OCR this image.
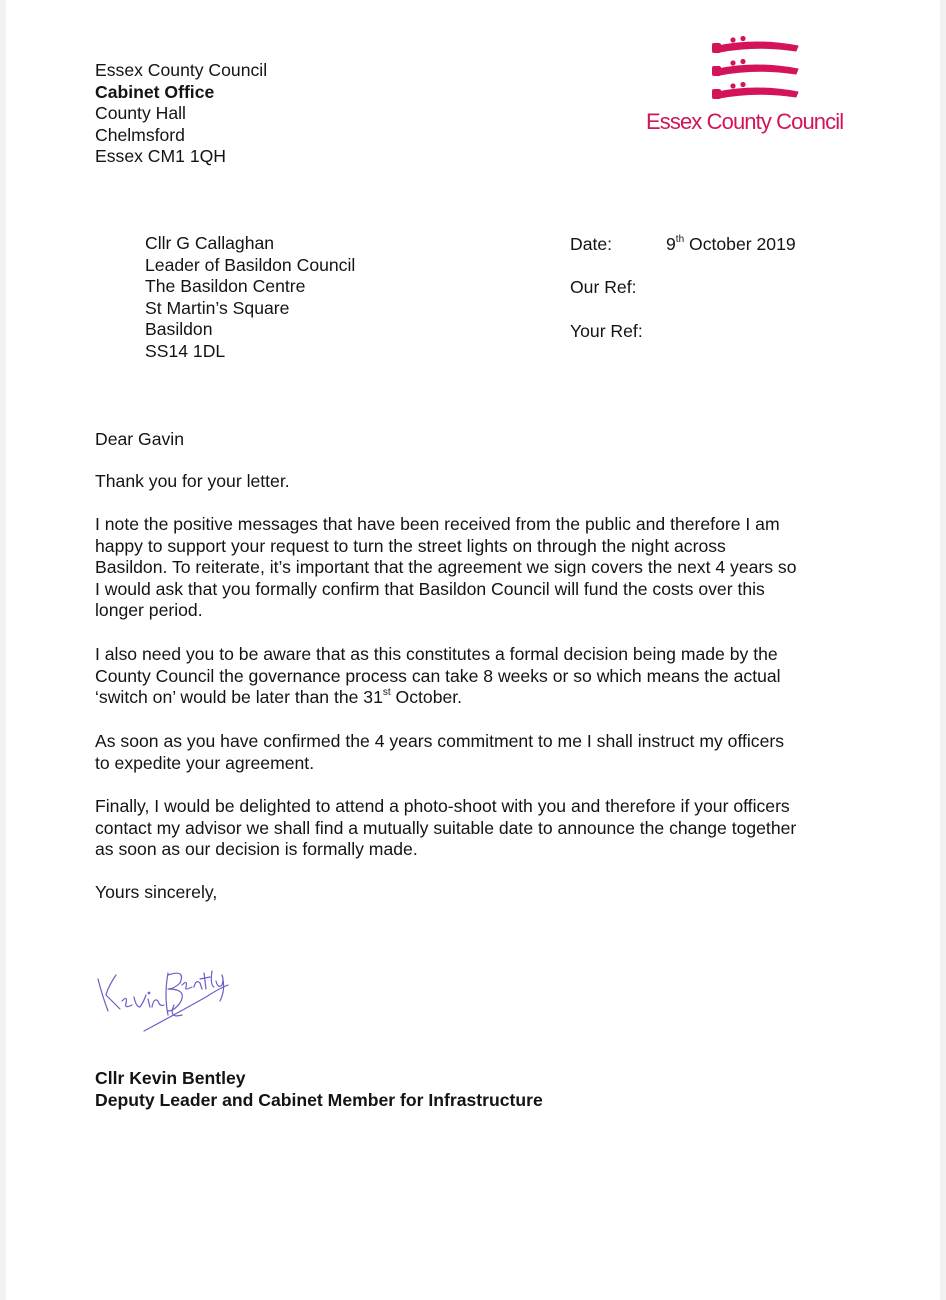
Essex County Council
Cabinet Office
County Hall
Chelmsford
Essex CM1 1QH
Essex County Council
Cllr G Callaghan
Leader of Basildon Council
The Basildon Centre
St Martin’s Square
Basildon
SS14 1DL
Date:	9th October 2019
Our Ref:
Your Ref:
Dear Gavin
Thank you for your letter.
I note the positive messages that have been received from the public and therefore I am
happy to support your request to turn the street lights on through the night across
Basildon. To reiterate, it’s important that the agreement we sign covers the next 4 years so
I would ask that you formally confirm that Basildon Council will fund the costs over this
longer period.
I also need you to be aware that as this constitutes a formal decision being made by the
County Council the governance process can take 8 weeks or so which means the actual
‘switch on’ would be later than the 31st October.
As soon as you have confirmed the 4 years commitment to me I shall instruct my officers
to expedite your agreement.
Finally, I would be delighted to attend a photo-shoot with you and therefore if your officers
contact my advisor we shall find a mutually suitable date to announce the change together
as soon as our decision is formally made.
Yours sincerely,
Cllr Kevin Bentley
Deputy Leader and Cabinet Member for Infrastructure
